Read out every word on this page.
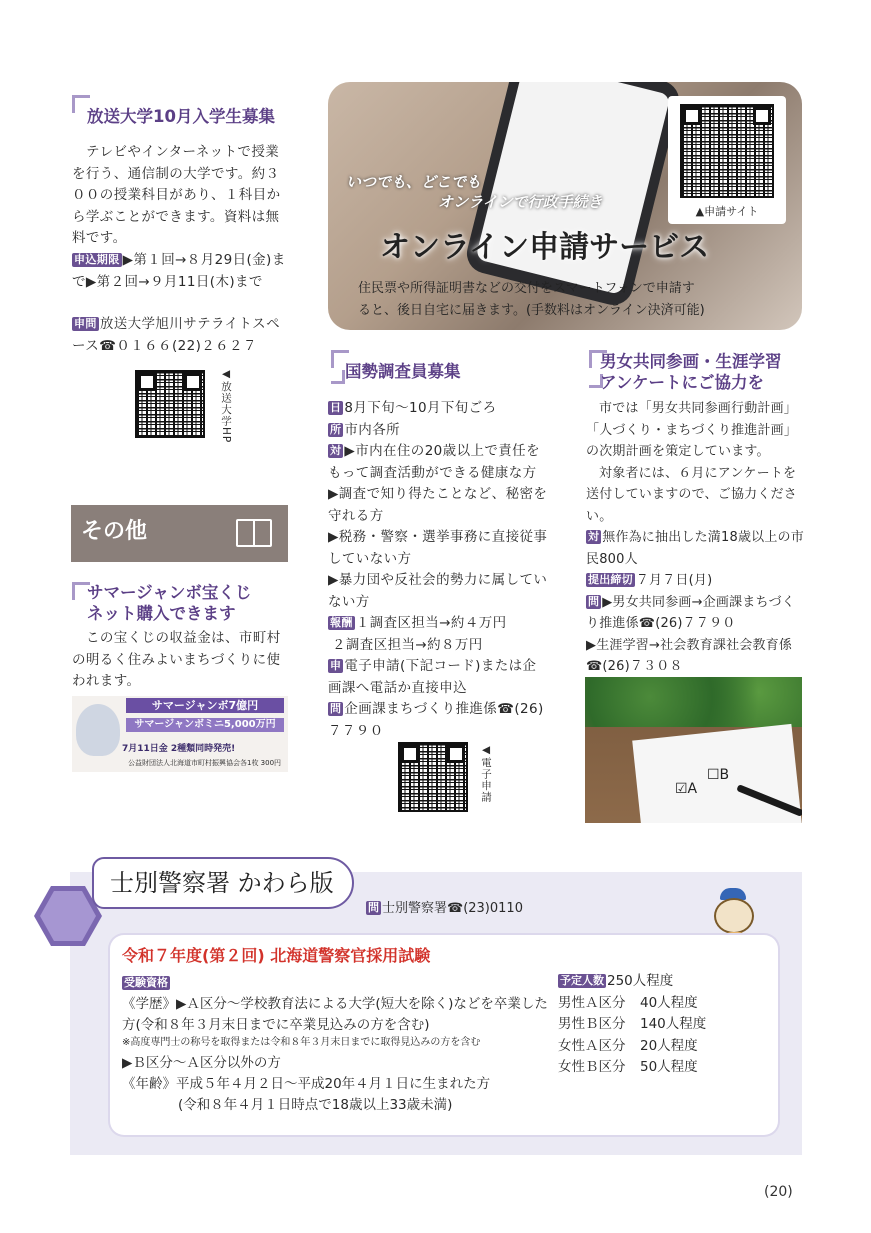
放送大学10月入学生募集
テレビやインターネットで授業を行う、通信制の大学です。約３００の授業科目があり、１科目から学ぶことができます。資料は無料です。
申込期限 ▶第１回→８月29日(金)まで▶第２回→９月11日(木)まで
申問 放送大学旭川サテライトスペース☎０１６６(22)２６２７
◀放送大学HP
いつでも、どこでも
オンラインで行政手続き
オンライン申請サービス
住民票や所得証明書などの交付をスマートフォンで申請す
ると、後日自宅に届きます。(手数料はオンライン決済可能)
▲申請サイト
その他
サマージャンボ宝くじ
ネット購入できます
この宝くじの収益金は、市町村の明るく住みよいまちづくりに使われます。
サマージャンボ7億円
サマージャンボミニ5,000万円
7月11日金 2種類同時発売!
公益財団法人北海道市町村振興協会 各1枚 300円
国勢調査員募集
日 8月下旬〜10月下旬ごろ
所 市内各所
対 ▶市内在住の20歳以上で責任をもって調査活動ができる健康な方
▶調査で知り得たことなど、秘密を守れる方
▶税務・警察・選挙事務に直接従事していない方
▶暴力団や反社会的勢力に属していない方
報酬 １調査区担当→約４万円
２調査区担当→約８万円
申 電子申請(下記コード)または企画課へ電話か直接申込
問 企画課まちづくり推進係☎(26)７７９０
◀電子申請
男女共同参画・生涯学習
アンケートにご協力を
市では「男女共同参画行動計画」「人づくり・まちづくり推進計画」の次期計画を策定しています。
対象者には、６月にアンケートを送付していますので、ご協力ください。
対 無作為に抽出した満18歳以上の市民800人
提出締切 ７月７日(月)
問 ▶男女共同参画→企画課まちづくり推進係☎(26)７７９０
▶生涯学習→社会教育課社会教育係☎(26)７３０８
☑A
☐B
士別警察署 かわら版
問 士別警察署☎(23)0110
令和７年度(第２回) 北海道警察官採用試験
受験資格
《学歴》▶Ａ区分〜学校教育法による大学(短大を除く)などを卒業した方(令和８年３月末日までに卒業見込みの方を含む)
※高度専門士の称号を取得または令和８年３月末日までに取得見込みの方を含む
▶Ｂ区分〜Ａ区分以外の方
《年齢》平成５年４月２日〜平成20年４月１日に生まれた方
(令和８年４月１日時点で18歳以上33歳未満)
予定人数 250人程度
男性Ａ区分 40人程度
男性Ｂ区分 140人程度
女性Ａ区分 20人程度
女性Ｂ区分 50人程度
(20)
